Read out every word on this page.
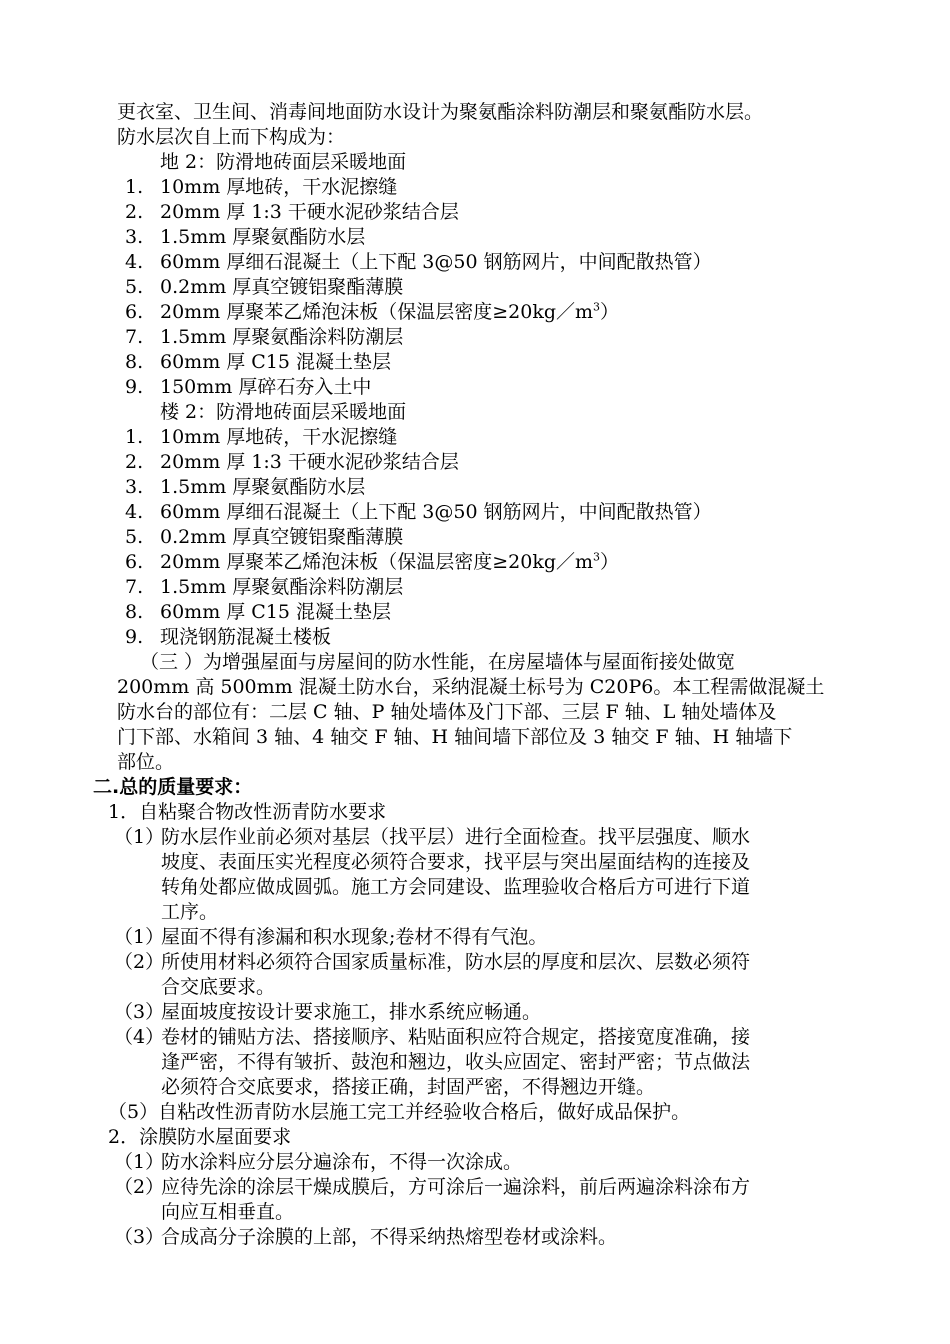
更衣室、卫生间、消毒间地面防水设计为聚氨酯涂料防潮层和聚氨酯防水层。
防水层次自上而下构成为：
地 2：防滑地砖面层采暖地面
1. 10mm 厚地砖，干水泥擦缝
2. 20mm 厚 1:3 干硬水泥砂浆结合层
3. 1.5mm 厚聚氨酯防水层
4. 60mm 厚细石混凝土（上下配 3@50 钢筋网片，中间配散热管）
5. 0.2mm 厚真空镀铝聚酯薄膜
6. 20mm 厚聚苯乙烯泡沫板（保温层密度$\ge 20kg/m^3$）
7. 1.5mm 厚聚氨酯涂料防潮层
8. 60mm 厚 C15 混凝土垫层
9. 150mm 厚碎石夯入土中
楼 2：防滑地砖面层采暖地面
1. 10mm 厚地砖，干水泥擦缝
2. 20mm 厚 1:3 干硬水泥砂浆结合层
3. 1.5mm 厚聚氨酯防水层
4. 60mm 厚细石混凝土（上下配 3@50 钢筋网片，中间配散热管）
5. 0.2mm 厚真空镀铝聚酯薄膜
6. 20mm 厚聚苯乙烯泡沫板（保温层密度$\ge 20kg/m^3$）
7. 1.5mm 厚聚氨酯涂料防潮层
8. 60mm 厚 C15 混凝土垫层
9. 现浇钢筋混凝土楼板
（三 ）为增强屋面与房屋间的防水性能，在房屋墙体与屋面衔接处做宽
200mm 高 500mm 混凝土防水台，采纳混凝土标号为 C20P6。本工程需做混凝土
防水台的部位有：二层 C 轴、P 轴处墙体及门下部、三层 F 轴、L 轴处墙体及
门下部、水箱间 3 轴、4 轴交 F 轴、H 轴间墙下部位及 3 轴交 F 轴、H 轴墙下
部位。
二.总的质量要求：
1．自粘聚合物改性沥青防水要求
（1）
防水层作业前必须对基层（找平层）进行全面检查。找平层强度、顺水
坡度、表面压实光程度必须符合要求，找平层与突出屋面结构的连接及
转角处都应做成圆弧。施工方会同建设、监理验收合格后方可进行下道
工序。
（1）
屋面不得有渗漏和积水现象;卷材不得有气泡。
（2）
所使用材料必须符合国家质量标准，防水层的厚度和层次、层数必须符
合交底要求。
（3）
屋面坡度按设计要求施工，排水系统应畅通。
（4）
卷材的铺贴方法、搭接顺序、粘贴面积应符合规定，搭接宽度准确，接
逢严密，不得有皱折、鼓泡和翘边，收头应固定、密封严密；节点做法
必须符合交底要求，搭接正确，封固严密，不得翘边开缝。
（5）自粘改性沥青防水层施工完工并经验收合格后，做好成品保护。
2．涂膜防水屋面要求
（1）
防水涂料应分层分遍涂布，不得一次涂成。
（2）
应待先涂的涂层干燥成膜后，方可涂后一遍涂料，前后两遍涂料涂布方
向应互相垂直。
（3）
合成高分子涂膜的上部，不得采纳热熔型卷材或涂料。
